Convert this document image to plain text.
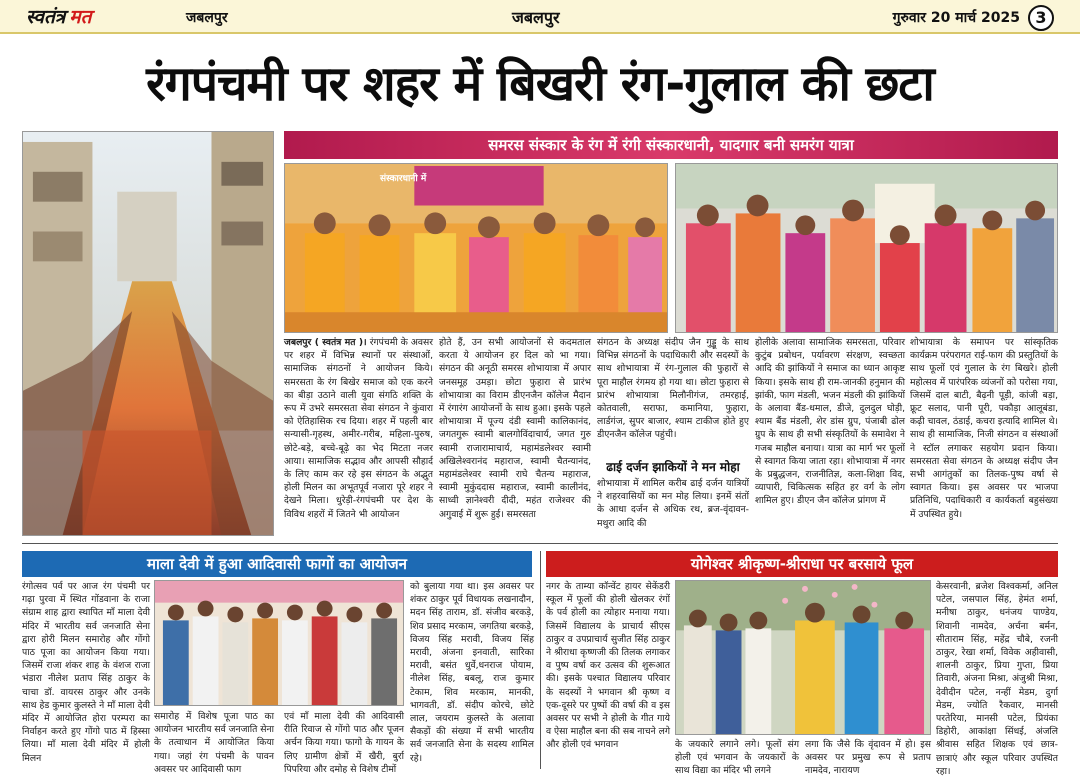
स्वतंत्र मत	जबलपुर	जबलपुर	गुरुवार 20 मार्च 2025 3
रंगपंचमी पर शहर में बिखरी रंग-गुलाल की छटा
समरस संस्कार के रंग में रंगी संस्कारधानी, यादगार बनी समरंग यात्रा
संस्कारधानी में
जबलपुर ( स्वतंत्र मत )। रंगपंचमी के अवसर पर शहर में विभिन्न स्थानों पर संस्थाओं, सामाजिक संगठनों ने आयोजन किये। समरसता के रंग बिखेर समाज को एक करने का बीड़ा उठाने वाली युवा संगठि शक्ति के रूप में उभरे समरसता सेवा संगठन ने कुंवारा को ऐतिहासिक रच दिया। शहर में पहली बार सन्यासी-गृहस्थ, अमीर-गरीब, महिला-पुरुष, छोटे-बड़े, बच्चे-बूढ़े का भेद मिटता नजर आया। सामाजिक सद्भाव और आपसी सौहार्द के लिए काम कर रहे इस संगठन के अद्भुत होली मिलन का अभूतपूर्व नजारा पूरे शहर ने देखने मिला। धुरेड़ी-रंगपंचमी पर देश के विविध शहरों में जितने भी आयोजन
होते हैं, उन सभी आयोजनों से कदमताल करता ये आयोजन हर दिल को भा गया। संगठन की अनूठी समरस शोभायात्रा में अपार जनसमूह उमड़ा। छोटा फुहारा से प्रारंभ शोभायात्रा का विराम डीएनजैन कॉलेज मैदान में रंगारंग आयोजनों के साथ हुआ। इसके पहले शोभायात्रा में पूज्य दंडी स्वामी कालिकानंद, जगतगुरू स्वामी बालगोविंदाचार्य, जगत गुरु स्वामी राजारामाचार्य, महामंडलेश्वर स्वामी अखिलेश्वरानंद महाराज, स्वामी चैतन्यानंद, महामंडलेश्वर स्वामी राघे चैतन्य महाराज, स्वामी मुकुंददास महाराज, स्वामी कालीनंद, साध्वी ज्ञानेश्वरी दीदी, महंत राजेश्वर की अगुवाई में शुरू हुई। समरसता
संगठन के अध्यक्ष संदीप जैन गुड्डू के साथ विभिन्न संगठनों के पदाधिकारी और सदस्यों के साथ शोभायात्रा में रंग-गुलाल की फुहारों से पूरा माहौल रंगमय हो गया था। छोटा फुहारा से प्रारंभ शोभायात्रा मिलौनीगंज, तमरहाई, कोतवाली, सराफा, कमानिया, फुहारा, लार्डगंज, सुपर बाजार, श्याम टाकीज होते हुए डीएनजैन कॉलेज पहुंची।
ढाई दर्जन झाकियों ने मन मोहा
शोभायात्रा में शामिल करीब ढाई दर्जन यात्रियों ने शहरवासियों का मन मोह लिया। इनमें संतों के आधा दर्जन से अधिक रथ, ब्रज-वृंदावन-मथुरा आदि की
होलीके अलावा सामाजिक समरसता, परिवार कुटुंब प्रबोधन, पर्यावरण संरक्षण, स्वच्छता आदि की झांकियों ने समाज का ध्यान आकृष्ट किया। इसके साथ ही राम-जानकी हनुमान की झांकी, फाग मंडली, भजन मंडली की झांकियों के अलावा बैंड-धमाल, डीजे, दुलदुल घोड़ी, श्याम बैंड मंडली, शेर डांस ग्रुप, पंजाबी ढोल ग्रुप के साथ ही सभी संस्कृतियों के समावेश ने गजब माहौल बनाया। यात्रा का मार्ग भर फूलों से स्वागत किया जाता रहा। शोभायात्रा में नगर के प्रबुद्धजन, राजनीतिज्ञ, कला-शिक्षा विद, व्यापारी, चिकित्सक सहित हर वर्ग के लोग शामिल हुए। डीएन जैन कॉलेज प्रांगण में
शोभायात्रा के समापन पर सांस्कृतिक कार्यक्रम परंपरागत राई-फाग की प्रस्तुतियों के साथ फूलों एवं गुलाल के रंग बिखरे। होली महोत्सव में पारंपरिक व्यंजनों को परोसा गया, जिसमें दाल बाटी, बैढ़नी पूड़ी, कांजी बड़ा, फ्रूट सलाद, पानी पूरी, पकौड़ा आलूबंडा, कढ़ी चावल, ठंडाई, कचरा इत्यादि शामिल थे। साथ ही सामाजिक, निजी संगठन व संस्थाओं ने स्टॉल लगाकर सहयोग प्रदान किया। समरसता सेवा संगठन के अध्यक्ष संदीप जैन सभी आगंतुकों का तिलक-पुष्प वर्षा से स्वागत किया। इस अवसर पर भाजपा प्रतिनिधि, पदाधिकारी व कार्यकर्ता बहुसंख्या में उपस्थित हुये।
माला देवी में हुआ आदिवासी फागों का आयोजन
रंगोत्सव पर्व पर आज रंग पंचमी पर गढ़ा पुरवा में स्थित गोंडवाना के राजा संग्राम शाह द्वारा स्थापित माँ माला देवी मंदिर में भारतीय सर्व जनजाति सेना द्वारा होरी मिलन समारोह और गोंगो पाठ पूजा का आयोजन किया गया। जिसमें राजा शंकर शाह के वंशज राजा भंडारा नीलेश प्रताप सिंह ठाकुर के चाचा डॉ. वायरस ठाकुर और उनके साथ हेड कुमार कुलस्ते ने माँ माला देवी मंदिर में आयोजित होरा परम्परा का निर्वाहन करते हुए गोंगो पाठ में हिस्सा लिया। माँ माला देवी मंदिर में होली मिलन
समारोह में विशेष पूजा पाठ का आयोजन भारतीय सर्व जनजाति सेना के तत्वाधान में आयोजित किया गया। जहां रंग पंचमी के पावन अवसर पर आदिवासी फाग
एवं माँ माला देवी की आदिवासी रीति रिवाज से गोंगो पाठ और पूजन अर्चन किया गया। फागो के गायन के लिए ग्रामीण क्षेत्रों में खैरी, बुर्रा पिपरिया और दमोह से विशेष टीमों
को बुलाया गया था। इस अवसर पर शंकर ठाकुर पूर्व विधायक लखनादौन, मदन सिंह ताराम, डॉ. संजीव बरकड़े, शिव प्रसाद मरकाम, जगतिया बरकड़े, विजय सिंह मरावी, विजय सिंह मरावी, अंजना इनवाती, सारिका मरावी, बसंत धुर्वे,धनराज पोयाम, नीलेश सिंह, बबलू, राज कुमार टेकाम, शिव मरकाम, मानकी, भागवती, डॉ. संदीप कोरचे, छोटे लाल, जयराम कुलस्ते के अलावा सैकड़ों की संख्या में सभी भारतीय सर्व जनजाति सेना के सदस्य शामिल रहे।
योगेश्वर श्रीकृष्ण-श्रीराधा पर बरसाये फूल
नगर के ताम्या कॉन्वेंट हायर सेकेंडरी स्कूल में फूलों की होली खेलकर रंगों के पर्व होली का त्योहार मनाया गया। जिसमें विद्यालय के प्राचार्य सीएस ठाकुर व उपप्राचार्य सुजीत सिंह ठाकुर ने श्रीराधा कृष्णजी की तिलक लगाकर व पुष्प वर्षा कर उत्सव की शुरूआत की। इसके पश्चात विद्यालय परिवार के सदस्यों ने भगवान श्री कृष्ण व एक-दूसरे पर पुष्पों की वर्षा की व इस अवसर पर सभी ने होली के गीत गाये व ऐसा माहौल बना की सब नाचने लगे और होली एवं भगवान	के जयकारे लगाने लगे। फूलों संग होली एवं भगवान के जयकारों के साथ विद्या का मंदिर भी लगने
लगा कि जैसे कि वृंदावन में हो। इस अवसर पर प्रमुख रूप से प्रताप नामदेव, नारायण
केसरवानी, ब्रजेश विश्वकर्मा, अनिल पटेल, जसपाल सिंह, हेमंत शर्मा, मनीषा ठाकुर, धनंजय पाण्डेय, शिवानी नामदेव, अर्चना बर्मन, सीताराम सिंह, महेंद्र चौबे, रजनी ठाकुर, रेखा शर्मा, विवेक अहीवासी, शालनी ठाकुर, प्रिया गुप्ता, प्रिया तिवारी, अंजना मिश्रा, अंजुश्री मिश्रा, देवीदीन पटेल, नन्हीं मेडम, दुर्गा मेडम, ज्योति रैकवार, मानसी परतेरिया, मानसी पटेल, प्रियंका डिहोरी, आकांक्षा सिंधई, अंजलि श्रीवास सहित शिक्षक एवं छात्र-छात्राएं और स्कूल परिवार उपस्थित रहा।
